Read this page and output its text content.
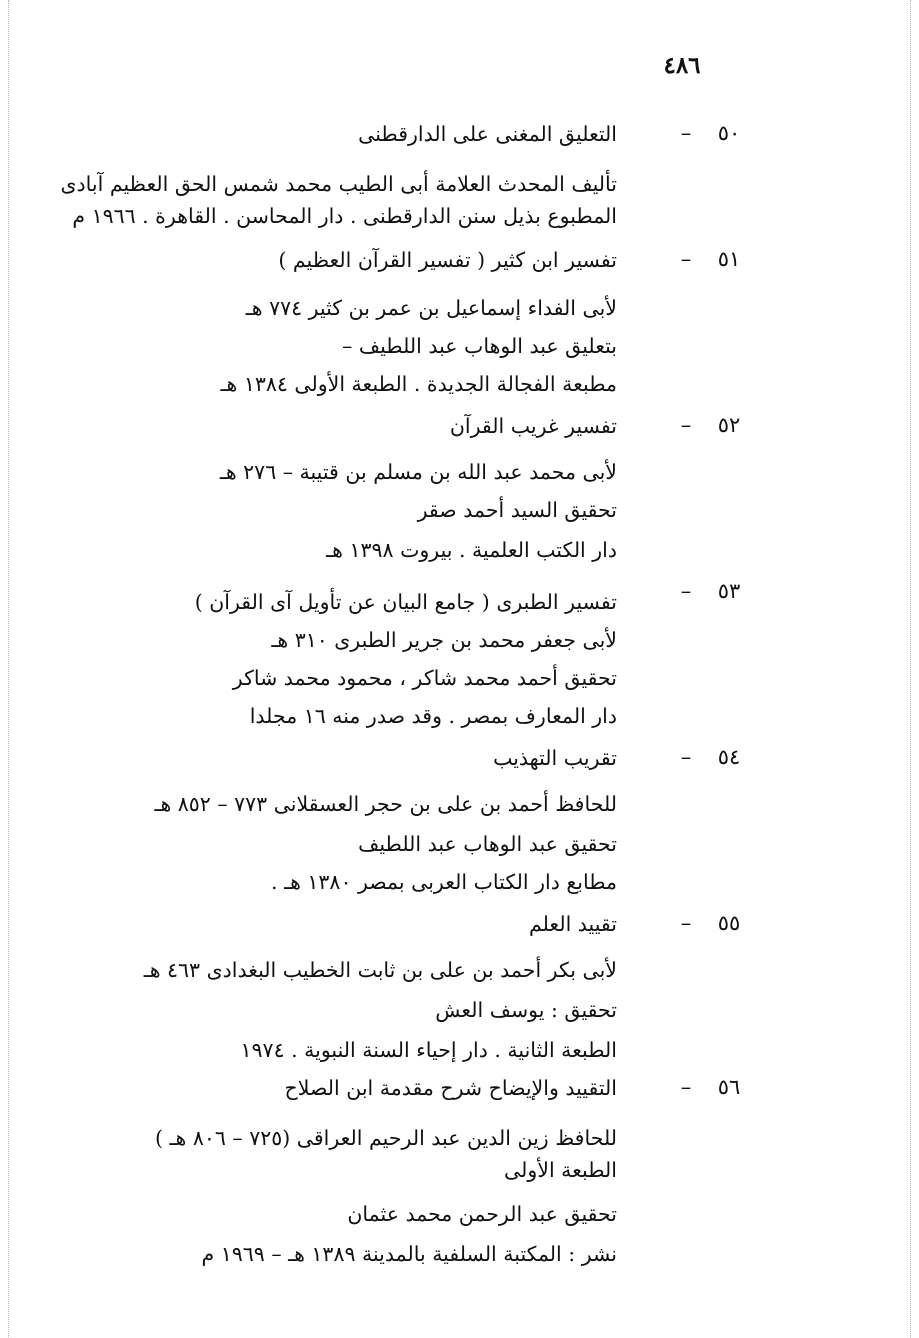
٤٨٦
٥٠
–
التعليق المغنى على الدارقطنى
تأليف المحدث العلامة أبى الطيب محمد شمس الحق العظيم آبادى
المطبوع بذيل سنن الدارقطنى . دار المحاسن . القاهرة . ١٩٦٦ م
٥١
–
تفسير ابن كثير ( تفسير القرآن العظيم )
لأبى الفداء إسماعيل بن عمر بن كثير ٧٧٤ هـ
بتعليق عبد الوهاب عبد اللطيف –
مطبعة الفجالة الجديدة . الطبعة الأولى ١٣٨٤ هـ
٥٢
–
تفسير غريب القرآن
لأبى محمد عبد الله بن مسلم بن قتيبة – ٢٧٦ هـ
تحقيق السيد أحمد صقر
دار الكتب العلمية . بيروت ١٣٩٨ هـ
٥٣
–
تفسير الطبرى ( جامع البيان عن تأويل آى القرآن )
لأبى جعفر محمد بن جرير الطبرى ٣١٠ هـ
تحقيق أحمد محمد شاكر ، محمود محمد شاكر
دار المعارف بمصر . وقد صدر منه ١٦ مجلدا
٥٤
–
تقريب التهذيب
للحافظ أحمد بن على بن حجر العسقلانى ٧٧٣ – ٨٥٢ هـ
تحقيق عبد الوهاب عبد اللطيف
مطابع دار الكتاب العربى بمصر ١٣٨٠ هـ .
٥٥
–
تقييد العلم
لأبى بكر أحمد بن على بن ثابت الخطيب البغدادى ٤٦٣ هـ
تحقيق : يوسف العش
الطبعة الثانية . دار إحياء السنة النبوية . ١٩٧٤
٥٦
–
التقييد والإيضاح شرح مقدمة ابن الصلاح
للحافظ زين الدين عبد الرحيم العراقى (٧٢٥ – ٨٠٦ هـ )
الطبعة الأولى
تحقيق عبد الرحمن محمد عثمان
نشر : المكتبة السلفية بالمدينة ١٣٨٩ هـ – ١٩٦٩ م
